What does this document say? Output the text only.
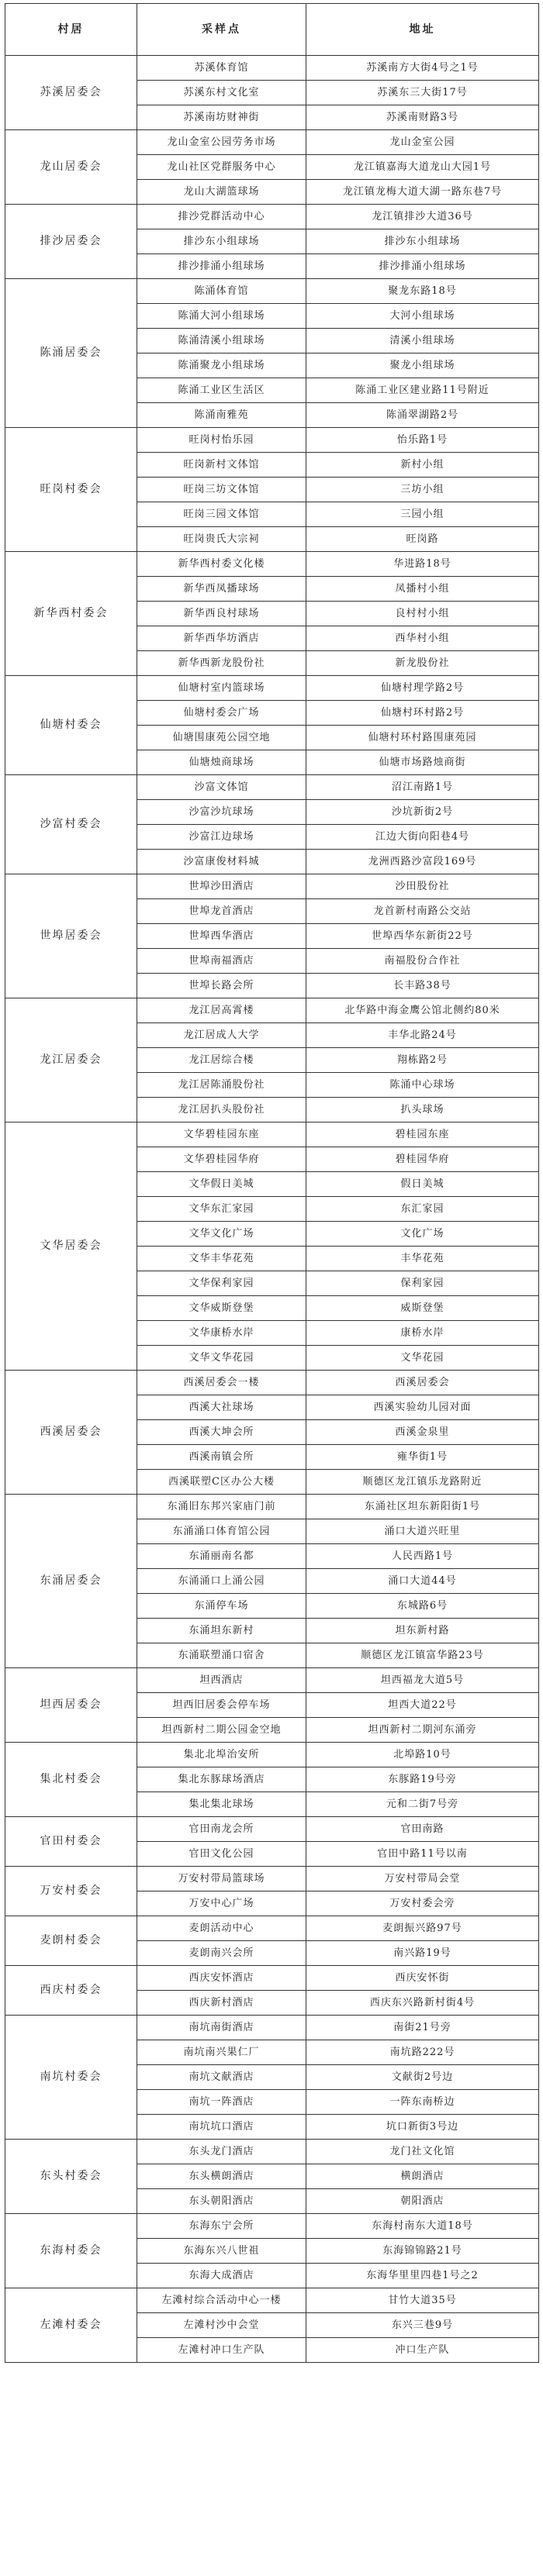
村居	采样点	地址
苏溪居委会	苏溪体育馆	苏溪南方大街4号之1号
	苏溪东村文化室	苏溪东三大街17号
	苏溪南坊财神街	苏溪南财路3号
龙山居委会	龙山金室公园劳务市场	龙山金室公园
	龙山社区党群服务中心	龙江镇嘉海大道龙山大园1号
	龙山大湖篮球场	龙江镇龙梅大道大湖一路东巷7号
排沙居委会	排沙党群活动中心	龙江镇排沙大道36号
	排沙东小组球场	排沙东小组球场
	排沙排涌小组球场	排沙排涌小组球场
陈涌居委会	陈涌体育馆	聚龙东路18号
	陈涌大河小组球场	大河小组球场
	陈涌清溪小组球场	清溪小组球场
	陈涌聚龙小组球场	聚龙小组球场
	陈涌工业区生活区	陈涌工业区建业路11号附近
	陈涌南雅苑	陈涌翠湖路2号
旺岗村委会	旺岗村怡乐园	怡乐路1号
	旺岗新村文体馆	新村小组
	旺岗三坊文体馆	三坊小组
	旺岗三园文体馆	三园小组
	旺岗贵氏大宗祠	旺岗路
新华西村委会	新华西村委文化楼	华进路18号
	新华西凤播球场	凤播村小组
	新华西良村球场	良村村小组
	新华西华坊酒店	西华村小组
	新华西新龙股份社	新龙股份社
仙塘村委会	仙塘村室内篮球场	仙塘村理学路2号
	仙塘村委会广场	仙塘村环村路2号
	仙塘围康苑公园空地	仙塘村环村路围康苑园
	仙塘烛商球场	仙塘市场路烛商街
沙富村委会	沙富文体馆	沼江南路1号
	沙富沙坑球场	沙坑新街2号
	沙富江边球场	江边大街向阳巷4号
	沙富康俊材料城	龙洲西路沙富段169号
世埠居委会	世埠沙田酒店	沙田股份社
	世埠龙首酒店	龙首新村南路公交站
	世埠西华酒店	世埠西华东新街22号
	世埠南福酒店	南福股份合作社
	世埠长路会所	长丰路38号
龙江居委会	龙江居高霄楼	北华路中海金鹰公馆北侧约80米
	龙江居成人大学	丰华北路24号
	龙江居综合楼	翔栋路2号
	龙江居陈涌股份社	陈涌中心球场
	龙江居扒头股份社	扒头球场
文华居委会	文华碧桂园东座	碧桂园东座
	文华碧桂园华府	碧桂园华府
	文华假日美城	假日美城
	文华东汇家园	东汇家园
	文华文化广场	文化广场
	文华丰华花苑	丰华花苑
	文华保利家园	保利家园
	文华威斯登堡	威斯登堡
	文华康桥水岸	康桥水岸
	文华文华花园	文华花园
西溪居委会	西溪居委会一楼	西溪居委会
	西溪大社球场	西溪实验幼儿园对面
	西溪大坤会所	西溪金泉里
	西溪南镇会所	雍华街1号
	西溪联塑C区办公大楼	顺德区龙江镇乐龙路附近
东涌居委会	东涌旧东邦兴家庙门前	东涌社区坦东新阳街1号
	东涌涌口体育馆公园	涌口大道兴旺里
	东涌丽南名都	人民西路1号
	东涌涌口上涌公园	涌口大道44号
	东涌停车场	东城路6号
	东涌坦东新村	坦东新村路
	东涌联塑涌口宿舍	顺德区龙江镇富华路23号
坦西居委会	坦西酒店	坦西福龙大道5号
	坦西旧居委会停车场	坦西大道22号
	坦西新村二期公园金空地	坦西新村二期河东涌旁
集北村委会	集北北埠治安所	北埠路10号
	集北东豚球场酒店	东豚路19号旁
	集北集北球场	元和二街7号旁
官田村委会	官田南龙会所	官田南路
	官田文化公园	官田中路11号以南
万安村委会	万安村带局篮球场	万安村带局会堂
	万安中心广场	万安村委会旁
麦朗村委会	麦朗活动中心	麦朗振兴路97号
	麦朗南兴会所	南兴路19号
西庆村委会	西庆安怀酒店	西庆安怀街
	西庆新村酒店	西庆东兴路新村街4号
南坑村委会	南坑南街酒店	南街21号旁
	南坑南兴果仁厂	南坑路222号
	南坑文献酒店	文献街2号边
	南坑一阵酒店	一阵东南桥边
	南坑坑口酒店	坑口新街3号边
东头村委会	东头龙门酒店	龙门社文化馆
	东头横朗酒店	横朗酒店
	东头朝阳酒店	朝阳酒店
东海村委会	东海东宁会所	东海村南东大道18号
	东海东兴八世祖	东海锦锦路21号
	东海大成酒店	东海华里里四巷1号之2
左滩村委会	左滩村综合活动中心一楼	甘竹大道35号
	左滩村沙中会堂	东兴三巷9号
	左滩村冲口生产队	冲口生产队
